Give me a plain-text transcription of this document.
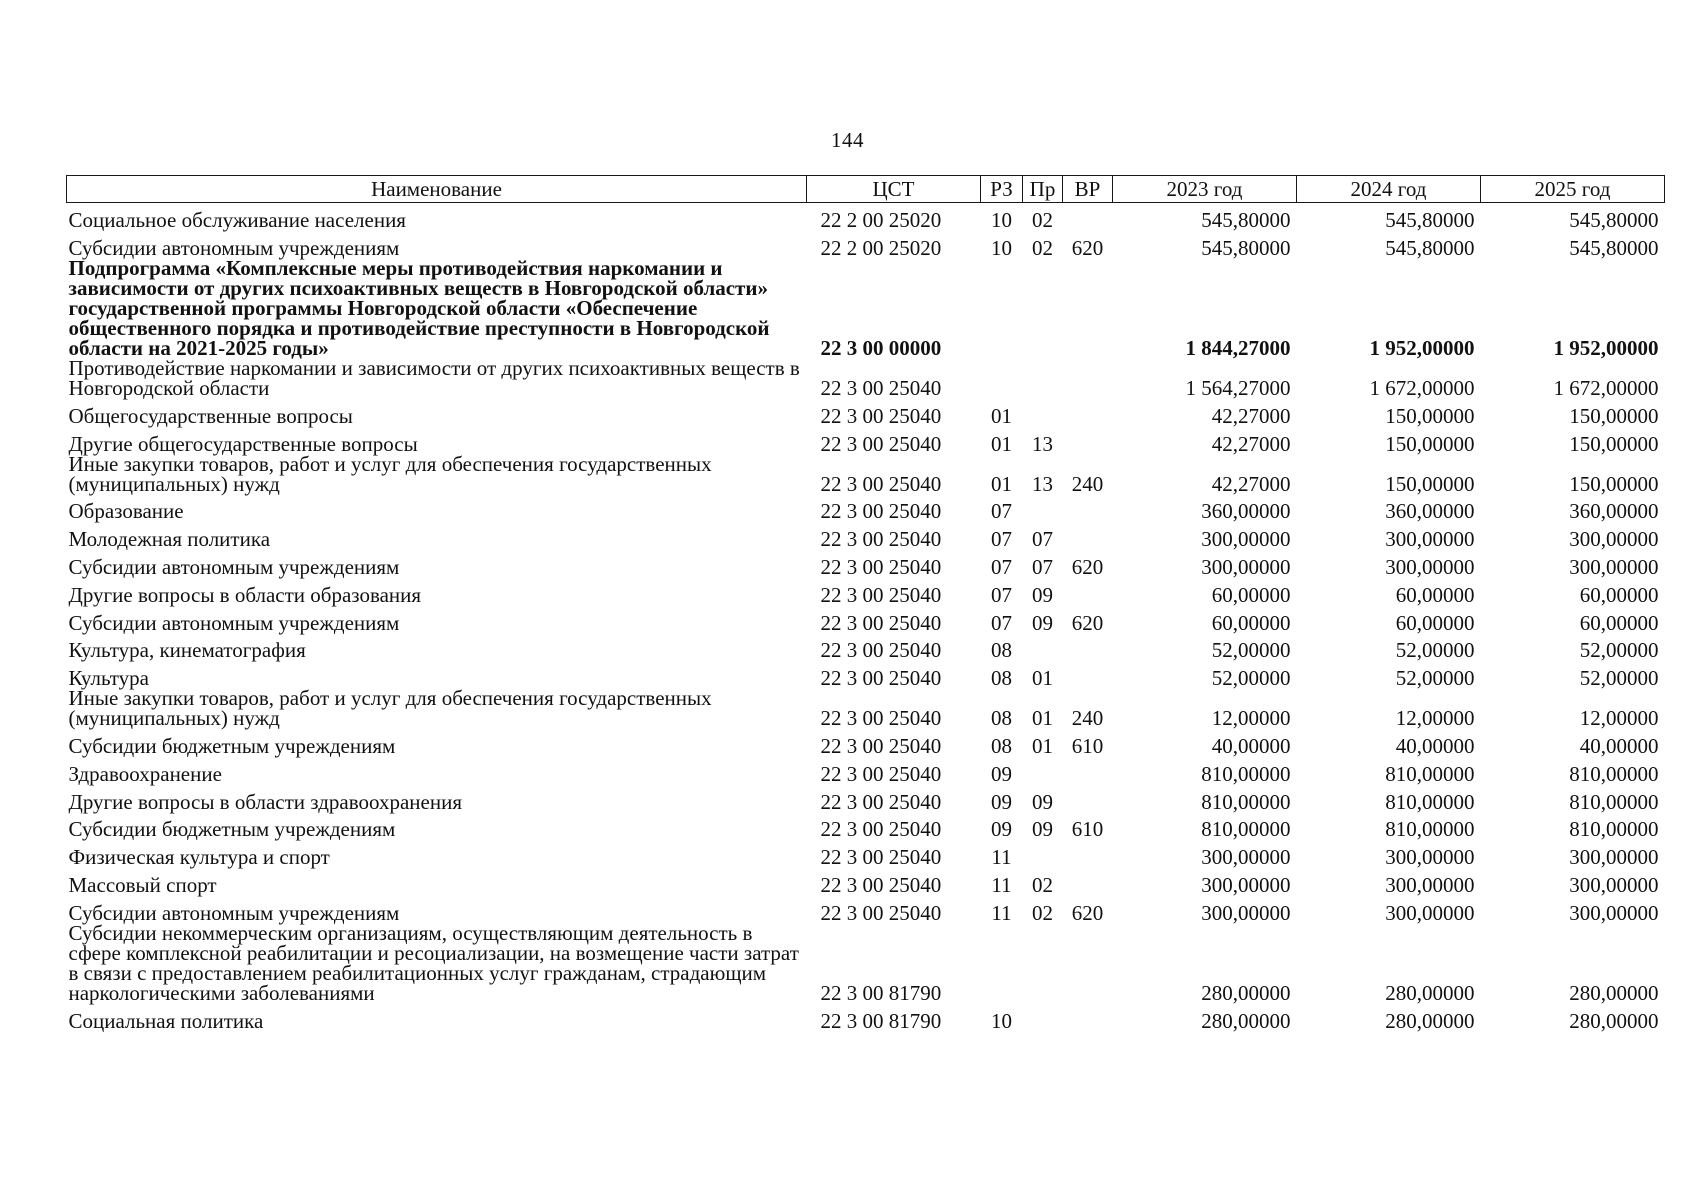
144
Наименование	ЦСТ	РЗ	Пр	ВР	2023 год	2024 год	2025 год
Социальное обслуживание населения	22 2 00 25020	10	02		545,80000	545,80000	545,80000
Субсидии автономным учреждениям	22 2 00 25020	10	02	620	545,80000	545,80000	545,80000
Подпрограмма «Комплексные меры противодействия наркомании и зависимости от других психоактивных веществ в Новгородской области» государственной программы Новгородской области «Обеспечение общественного порядка и противодействие преступности в Новгородской области на 2021-2025 годы»	22 3 00 00000				1 844,27000	1 952,00000	1 952,00000
Противодействие наркомании и зависимости от других психоактивных веществ в Новгородской области	22 3 00 25040				1 564,27000	1 672,00000	1 672,00000
Общегосударственные вопросы	22 3 00 25040	01			42,27000	150,00000	150,00000
Другие общегосударственные вопросы	22 3 00 25040	01	13		42,27000	150,00000	150,00000
Иные закупки товаров, работ и услуг для обеспечения государственных (муниципальных) нужд	22 3 00 25040	01	13	240	42,27000	150,00000	150,00000
Образование	22 3 00 25040	07			360,00000	360,00000	360,00000
Молодежная политика	22 3 00 25040	07	07		300,00000	300,00000	300,00000
Субсидии автономным учреждениям	22 3 00 25040	07	07	620	300,00000	300,00000	300,00000
Другие вопросы в области образования	22 3 00 25040	07	09		60,00000	60,00000	60,00000
Субсидии автономным учреждениям	22 3 00 25040	07	09	620	60,00000	60,00000	60,00000
Культура, кинематография	22 3 00 25040	08			52,00000	52,00000	52,00000
Культура	22 3 00 25040	08	01		52,00000	52,00000	52,00000
Иные закупки товаров, работ и услуг для обеспечения государственных (муниципальных) нужд	22 3 00 25040	08	01	240	12,00000	12,00000	12,00000
Субсидии бюджетным учреждениям	22 3 00 25040	08	01	610	40,00000	40,00000	40,00000
Здравоохранение	22 3 00 25040	09			810,00000	810,00000	810,00000
Другие вопросы в области здравоохранения	22 3 00 25040	09	09		810,00000	810,00000	810,00000
Субсидии бюджетным учреждениям	22 3 00 25040	09	09	610	810,00000	810,00000	810,00000
Физическая культура и спорт	22 3 00 25040	11			300,00000	300,00000	300,00000
Массовый спорт	22 3 00 25040	11	02		300,00000	300,00000	300,00000
Субсидии автономным учреждениям	22 3 00 25040	11	02	620	300,00000	300,00000	300,00000
Субсидии некоммерческим организациям, осуществляющим деятельность в сфере комплексной реабилитации и ресоциализации, на возмещение части затрат в связи с предоставлением реабилитационных услуг гражданам, страдающим наркологическими заболеваниями	22 3 00 81790				280,00000	280,00000	280,00000
Социальная политика	22 3 00 81790	10			280,00000	280,00000	280,00000
